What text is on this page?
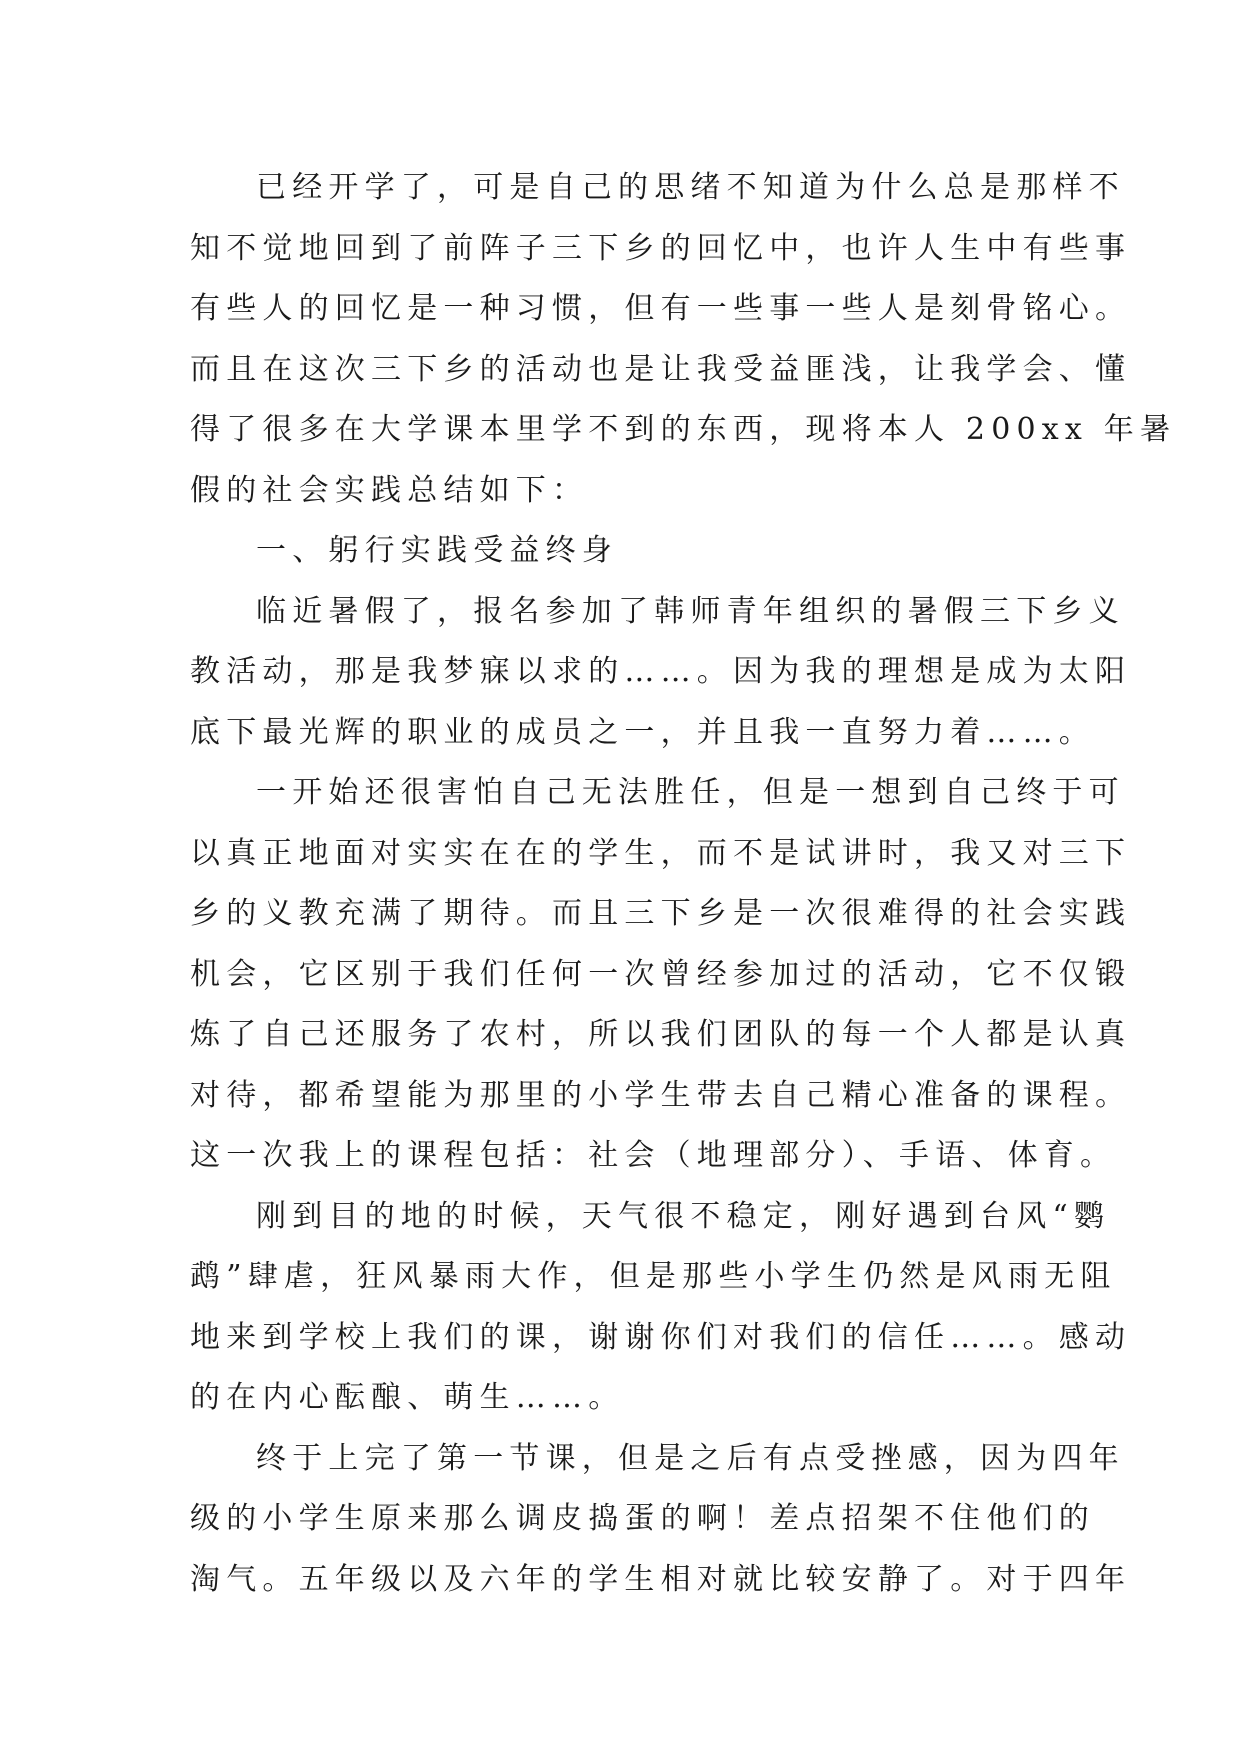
已经开学了，可是自己的思绪不知道为什么总是那样不
知不觉地回到了前阵子三下乡的回忆中，也许人生中有些事
有些人的回忆是一种习惯，但有一些事一些人是刻骨铭心。
而且在这次三下乡的活动也是让我受益匪浅，让我学会、懂
得了很多在大学课本里学不到的东西，现将本人 200xx 年暑
假的社会实践总结如下：
一、躬行实践受益终身
临近暑假了，报名参加了韩师青年组织的暑假三下乡义
教活动，那是我梦寐以求的……。因为我的理想是成为太阳
底下最光辉的职业的成员之一，并且我一直努力着……。
一开始还很害怕自己无法胜任，但是一想到自己终于可
以真正地面对实实在在的学生，而不是试讲时，我又对三下
乡的义教充满了期待。而且三下乡是一次很难得的社会实践
机会，它区别于我们任何一次曾经参加过的活动，它不仅锻
炼了自己还服务了农村，所以我们团队的每一个人都是认真
对待，都希望能为那里的小学生带去自己精心准备的课程。
这一次我上的课程包括：社会（地理部分）、手语、体育。
刚到目的地的时候，天气很不稳定，刚好遇到台风“鹦
鹉”肆虐，狂风暴雨大作，但是那些小学生仍然是风雨无阻
地来到学校上我们的课，谢谢你们对我们的信任……。感动
的在内心酝酿、萌生……。
终于上完了第一节课，但是之后有点受挫感，因为四年
级的小学生原来那么调皮捣蛋的啊！差点招架不住他们的
淘气。五年级以及六年的学生相对就比较安静了。对于四年
